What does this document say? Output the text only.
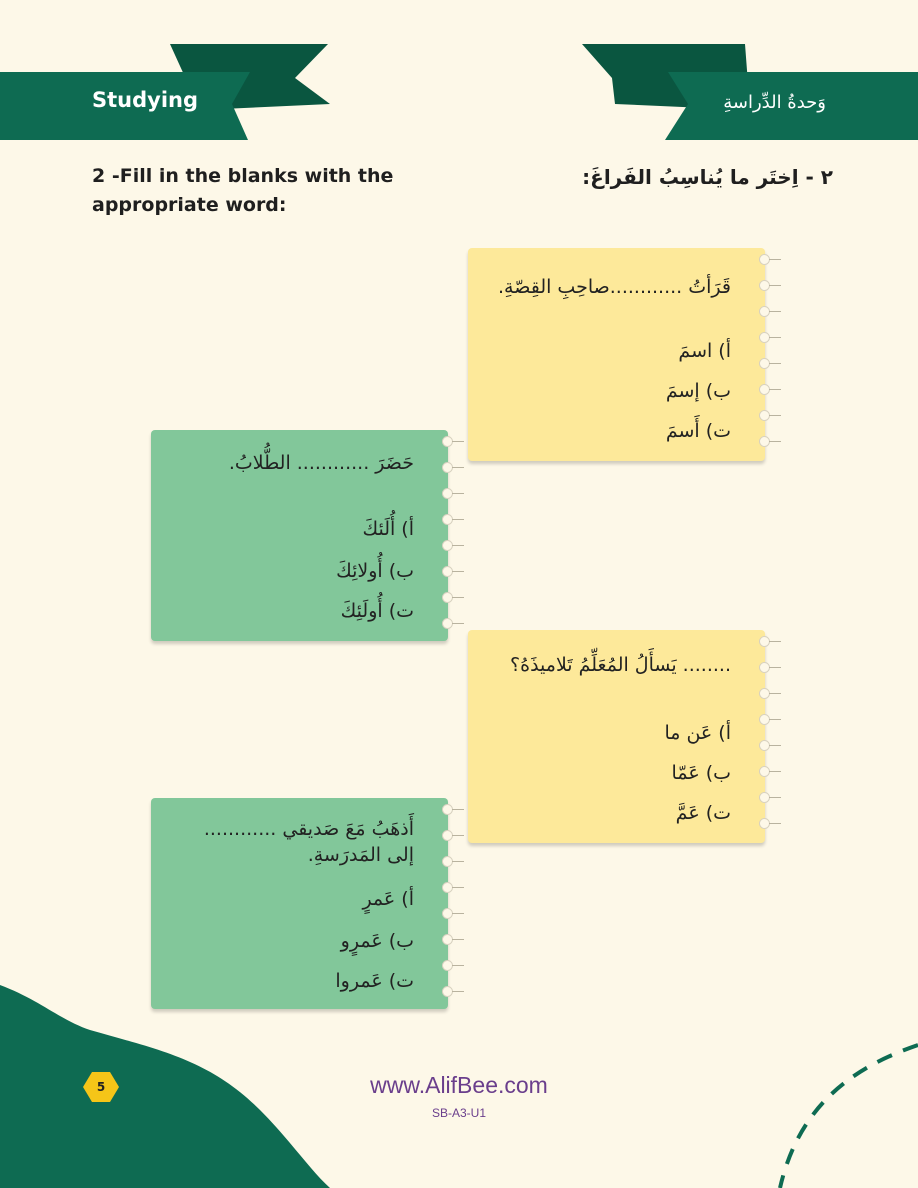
Studying	وَحدةُ الدِّراسةِ
2 -Fill in the blanks with the appropriate word:
٢ - اِختَر ما يُناسِبُ الفَراغَ:
قَرَأتُ ............صاحِبِ القِصّةِ.
أ) اسمَ
ب) إسمَ
ت) أَسمَ
حَضَرَ ............ الطُّلابُ.
أ) أُلَئكَ
ب) أُولائِكَ
ت) أُولَئِكَ
........ يَسأَلُ المُعَلِّمُ تَلاميذَهُ؟
أ) عَن ما
ب) عَمّا
ت) عَمَّ
أَذهَبُ مَعَ صَديقي ............
إلى المَدرَسةِ.
أ) عَمرٍ
ب) عَمرٍو
ت) عَمروا
5	www.AlifBee.com
SB-A3-U1
